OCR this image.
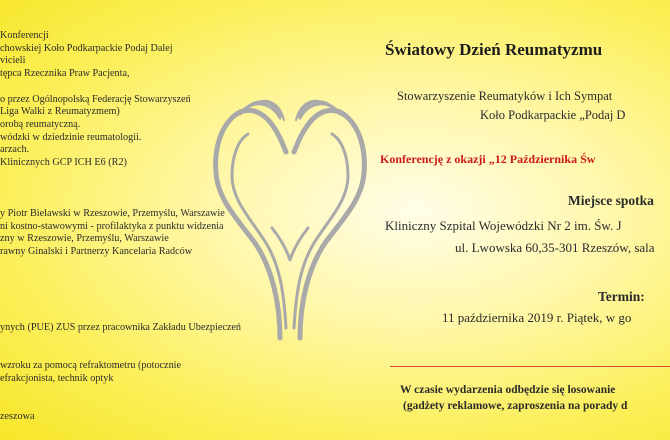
Konferencji
chowskiej Koło Podkarpackie Podaj Dalej
vicieli
tępca Rzecznika Praw Pacjenta,
o przez Ogólnopolską Federację Stowarzyszeń
Liga Walki z Reumatyzmem)
orobą reumatyczną.
wódzki w dziedzinie reumatologii.
arzach.
Klinicznych GCP ICH E6 (R2)
y Piotr Bielawski w Rzeszowie, Przemyślu, Warszawie
ni kostno-stawowymi - profilaktyka z punktu widzenia
zny w Rzeszowie, Przemyślu, Warszawie
rawny Ginalski i Partnerzy Kancelaria Radców
ynych (PUE) ZUS przez pracownika Zakładu Ubezpieczeń
wzroku za pomocą refraktometru (potocznie
efrakcjonista, technik optyk
zeszowa
Światowy Dzień Reumatyzmu
Stowarzyszenie Reumatyków i Ich Sympat
Koło Podkarpackie „Podaj D
Konferencję z okazji „12 Października Św
Miejsce spotka
Kliniczny Szpital Wojewódzki Nr 2 im. Św. J
ul. Lwowska 60,35-301 Rzeszów, sala
Termin:
11 października 2019 r. Piątek, w go
W czasie wydarzenia odbędzie się losowanie
(gadżety reklamowe, zaproszenia na porady d
